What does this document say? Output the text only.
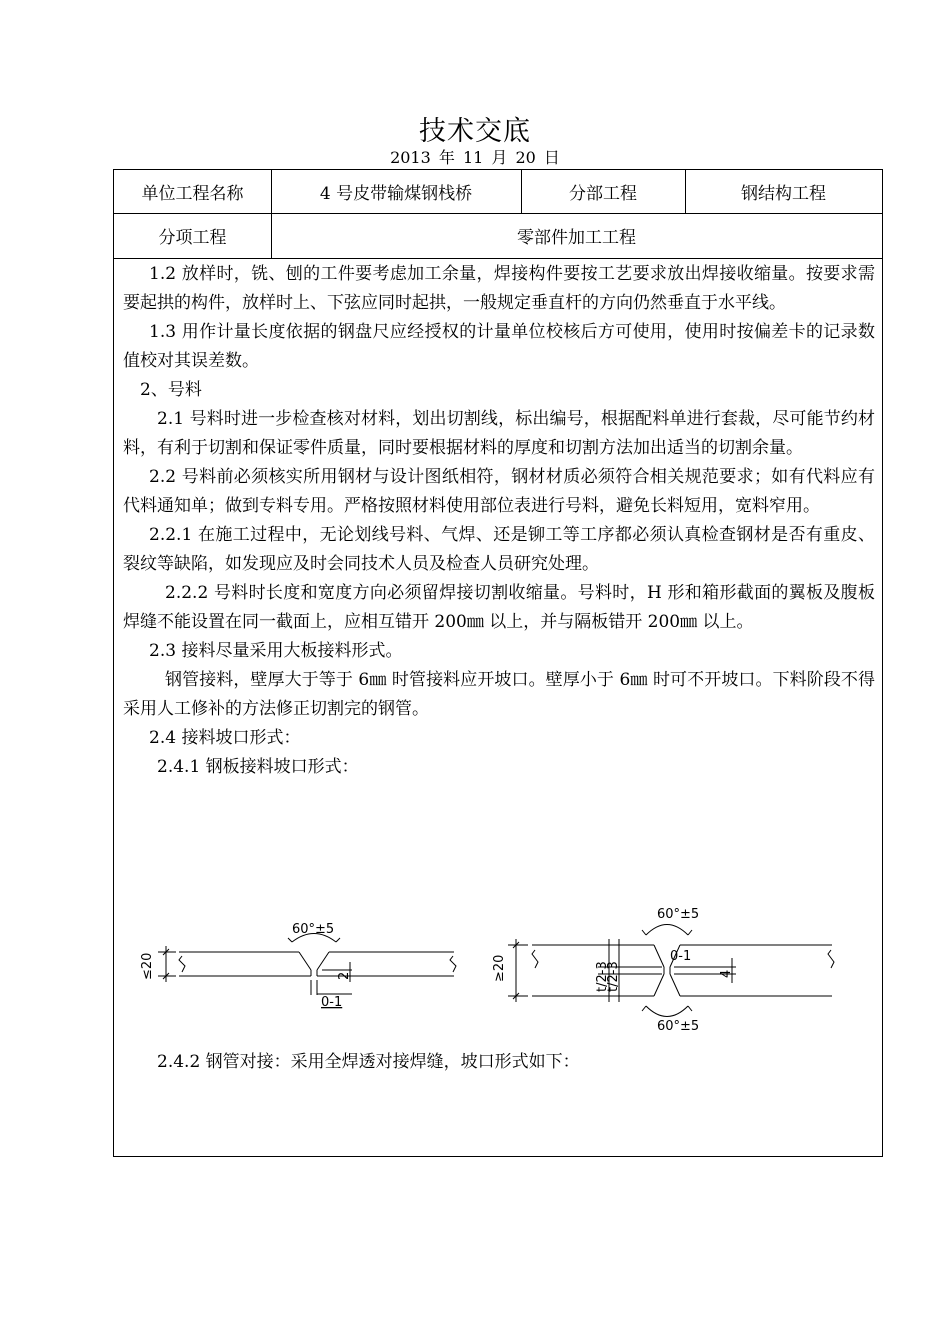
技术交底
2013 年 11 月 20 日
单位工程名称	4 号皮带输煤钢栈桥	分部工程	钢结构工程
分项工程	零部件加工工程

1.2 放样时，铣、刨的工件要考虑加工余量，焊接构件要按工艺要求放出焊接收缩量。按要求需要起拱的构件，放样时上、下弦应同时起拱，一般规定垂直杆的方向仍然垂直于水平线。

1.3 用作计量长度依据的钢盘尺应经授权的计量单位校核后方可使用，使用时按偏差卡的记录数值校对其误差数。

2、号料

2.1 号料时进一步检查核对材料，划出切割线，标出编号，根据配料单进行套裁，尽可能节约材料，有利于切割和保证零件质量，同时要根据材料的厚度和切割方法加出适当的切割余量。

2.2 号料前必须核实所用钢材与设计图纸相符，钢材材质必须符合相关规范要求；如有代料应有代料通知单；做到专料专用。严格按照材料使用部位表进行号料，避免长料短用，宽料窄用。

2.2.1 在施工过程中，无论划线号料、气焊、还是铆工等工序都必须认真检查钢材是否有重皮、裂纹等缺陷，如发现应及时会同技术人员及检查人员研究处理。

2.2.2 号料时长度和宽度方向必须留焊接切割收缩量。号料时，H 形和箱形截面的翼板及腹板焊缝不能设置在同一截面上，应相互错开 200㎜ 以上，并与隔板错开 200㎜ 以上。

2.3 接料尽量采用大板接料形式。

钢管接料，壁厚大于等于 6㎜ 时管接料应开坡口。壁厚小于 6㎜ 时可不开坡口。下料阶段不得采用人工修补的方法修正切割完的钢管。

2.4 接料坡口形式：

2.4.1 钢板接料坡口形式：

60°±5
≤20	2
0-1
60°±5
60°±5
≥20	0-1
4
t/2-3
t/2-3

2.4.2 钢管对接：采用全焊透对接焊缝，坡口形式如下：
